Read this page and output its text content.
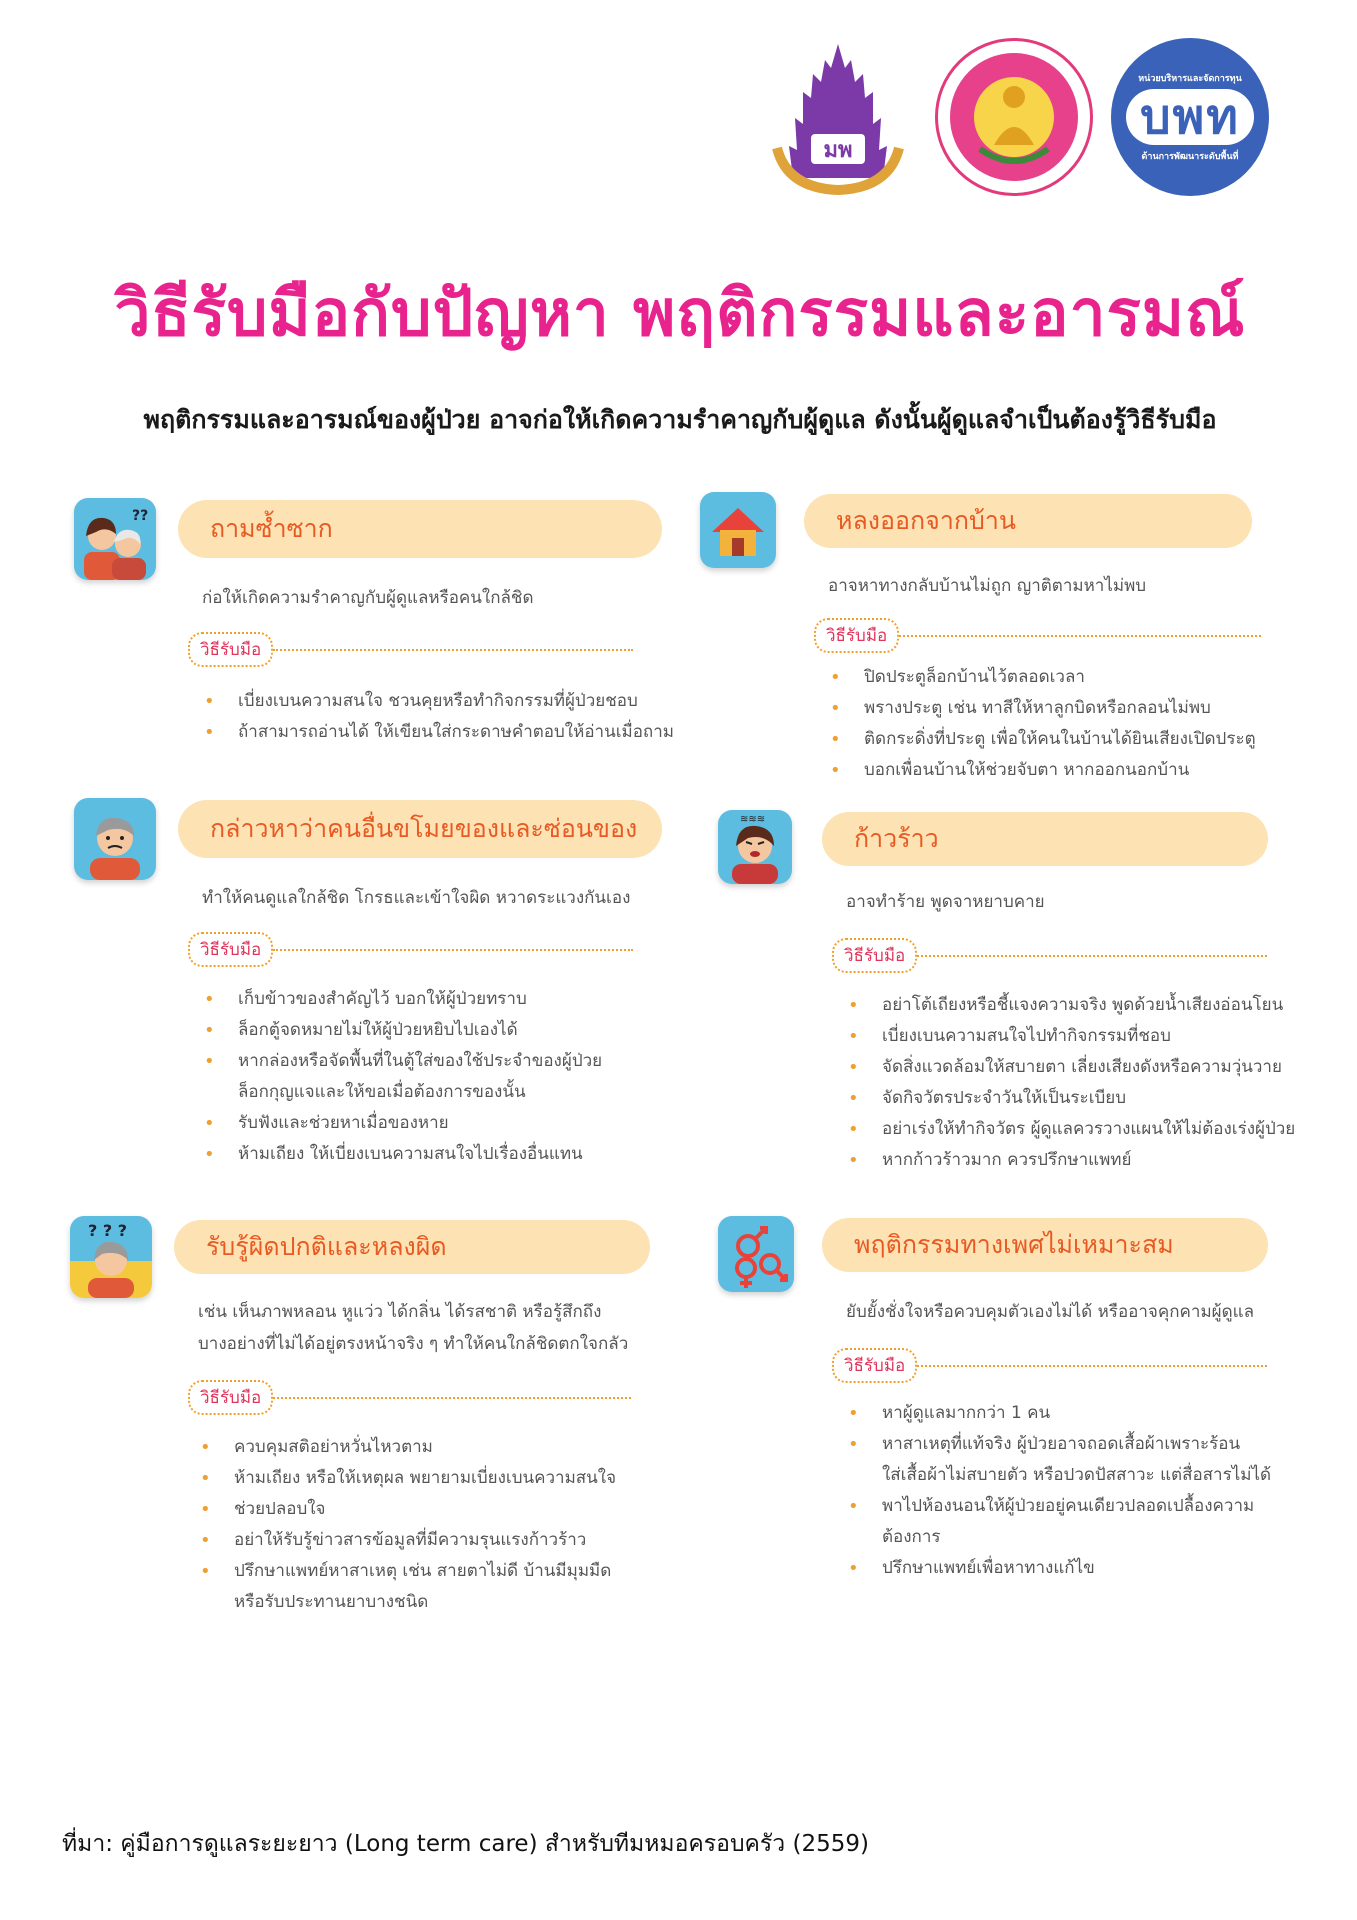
มพ
หน่วยบริหารและจัดการทุน
บพท
ด้านการพัฒนาระดับพื้นที่
วิธีรับมือกับปัญหา พฤติกรรมและอารมณ์
พฤติกรรมและอารมณ์ของผู้ป่วย อาจก่อให้เกิดความรำคาญกับผู้ดูแล ดังนั้นผู้ดูแลจำเป็นต้องรู้วิธีรับมือ
??	ถามซ้ำซาก
ก่อให้เกิดความรำคาญกับผู้ดูแลหรือคนใกล้ชิด
วิธีรับมือ
• เบี่ยงเบนความสนใจ ชวนคุยหรือทำกิจกรรมที่ผู้ป่วยชอบ
• ถ้าสามารถอ่านได้ ให้เขียนใส่กระดาษคำตอบให้อ่านเมื่อถาม
หลงออกจากบ้าน
อาจหาทางกลับบ้านไม่ถูก ญาติตามหาไม่พบ
วิธีรับมือ
• ปิดประตูล็อกบ้านไว้ตลอดเวลา
• พรางประตู เช่น ทาสีให้หาลูกบิดหรือกลอนไม่พบ
• ติดกระดิ่งที่ประตู เพื่อให้คนในบ้านได้ยินเสียงเปิดประตู
• บอกเพื่อนบ้านให้ช่วยจับตา หากออกนอกบ้าน
กล่าวหาว่าคนอื่นขโมยของและซ่อนของ
ทำให้คนดูแลใกล้ชิด โกรธและเข้าใจผิด หวาดระแวงกันเอง
วิธีรับมือ
• เก็บข้าวของสำคัญไว้ บอกให้ผู้ป่วยทราบ
• ล็อกตู้จดหมายไม่ให้ผู้ป่วยหยิบไปเองได้
• หากล่องหรือจัดพื้นที่ในตู้ใส่ของใช้ประจำของผู้ป่วย
ล็อกกุญแจและให้ขอเมื่อต้องการของนั้น
• รับฟังและช่วยหาเมื่อของหาย
• ห้ามเถียง ให้เบี่ยงเบนความสนใจไปเรื่องอื่นแทน
≋≋≋
ก้าวร้าว
อาจทำร้าย พูดจาหยาบคาย
วิธีรับมือ
• อย่าโต้เถียงหรือชี้แจงความจริง พูดด้วยน้ำเสียงอ่อนโยน
• เบี่ยงเบนความสนใจไปทำกิจกรรมที่ชอบ
• จัดสิ่งแวดล้อมให้สบายตา เลี่ยงเสียงดังหรือความวุ่นวาย
• จัดกิจวัตรประจำวันให้เป็นระเบียบ
• อย่าเร่งให้ทำกิจวัตร ผู้ดูแลควรวางแผนให้ไม่ต้องเร่งผู้ป่วย
• หากก้าวร้าวมาก ควรปรึกษาแพทย์
? ? ?
รับรู้ผิดปกติและหลงผิด
เช่น เห็นภาพหลอน หูแว่ว ได้กลิ่น ได้รสชาติ หรือรู้สึกถึง
บางอย่างที่ไม่ได้อยู่ตรงหน้าจริง ๆ ทำให้คนใกล้ชิดตกใจกลัว
วิธีรับมือ
• ควบคุมสติอย่าหวั่นไหวตาม
• ห้ามเถียง หรือให้เหตุผล พยายามเบี่ยงเบนความสนใจ
• ช่วยปลอบใจ
• อย่าให้รับรู้ข่าวสารข้อมูลที่มีความรุนแรงก้าวร้าว
• ปรึกษาแพทย์หาสาเหตุ เช่น สายตาไม่ดี บ้านมีมุมมืด
หรือรับประทานยาบางชนิด
พฤติกรรมทางเพศไม่เหมาะสม
ยับยั้งชั่งใจหรือควบคุมตัวเองไม่ได้ หรืออาจคุกคามผู้ดูแล
วิธีรับมือ
• หาผู้ดูแลมากกว่า 1 คน
• หาสาเหตุที่แท้จริง ผู้ป่วยอาจถอดเสื้อผ้าเพราะร้อน
ใส่เสื้อผ้าไม่สบายตัว หรือปวดปัสสาวะ แต่สื่อสารไม่ได้
• พาไปห้องนอนให้ผู้ป่วยอยู่คนเดียวปลอดเปลื้องความ
ต้องการ
• ปรึกษาแพทย์เพื่อหาทางแก้ไข
ที่มา: คู่มือการดูแลระยะยาว (Long term care) สำหรับทีมหมอครอบครัว (2559)
